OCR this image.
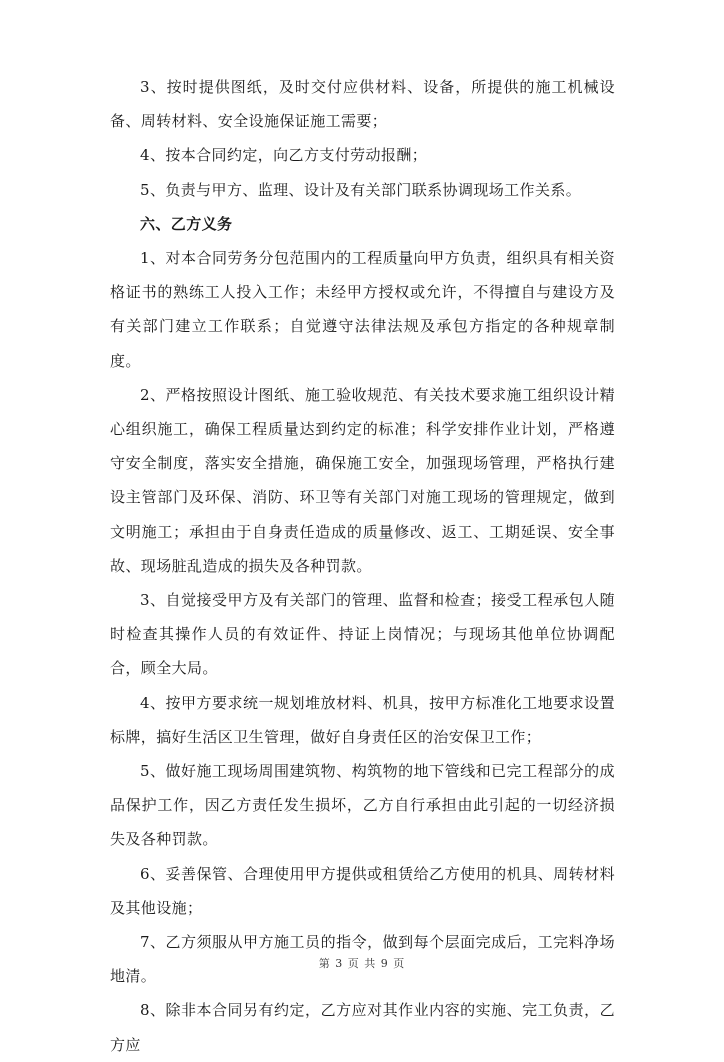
3、按时提供图纸，及时交付应供材料、设备，所提供的施工机械设备、周转材料、安全设施保证施工需要；

4、按本合同约定，向乙方支付劳动报酬；

5、负责与甲方、监理、设计及有关部门联系协调现场工作关系。

六、乙方义务

1、对本合同劳务分包范围内的工程质量向甲方负责，组织具有相关资格证书的熟练工人投入工作；未经甲方授权或允许，不得擅自与建设方及有关部门建立工作联系；自觉遵守法律法规及承包方指定的各种规章制度。

2、严格按照设计图纸、施工验收规范、有关技术要求施工组织设计精心组织施工，确保工程质量达到约定的标准；科学安排作业计划，严格遵守安全制度，落实安全措施，确保施工安全，加强现场管理，严格执行建设主管部门及环保、消防、环卫等有关部门对施工现场的管理规定，做到文明施工；承担由于自身责任造成的质量修改、返工、工期延误、安全事故、现场脏乱造成的损失及各种罚款。

3、自觉接受甲方及有关部门的管理、监督和检查；接受工程承包人随时检查其操作人员的有效证件、持证上岗情况；与现场其他单位协调配合，顾全大局。

4、按甲方要求统一规划堆放材料、机具，按甲方标准化工地要求设置标牌，搞好生活区卫生管理，做好自身责任区的治安保卫工作；

5、做好施工现场周围建筑物、构筑物的地下管线和已完工程部分的成品保护工作，因乙方责任发生损坏，乙方自行承担由此引起的一切经济损失及各种罚款。

6、妥善保管、合理使用甲方提供或租赁给乙方使用的机具、周转材料及其他设施；

7、乙方须服从甲方施工员的指令，做到每个层面完成后，工完料净场地清。

8、除非本合同另有约定，乙方应对其作业内容的实施、完工负责，乙方应

第 3 页 共 9 页
